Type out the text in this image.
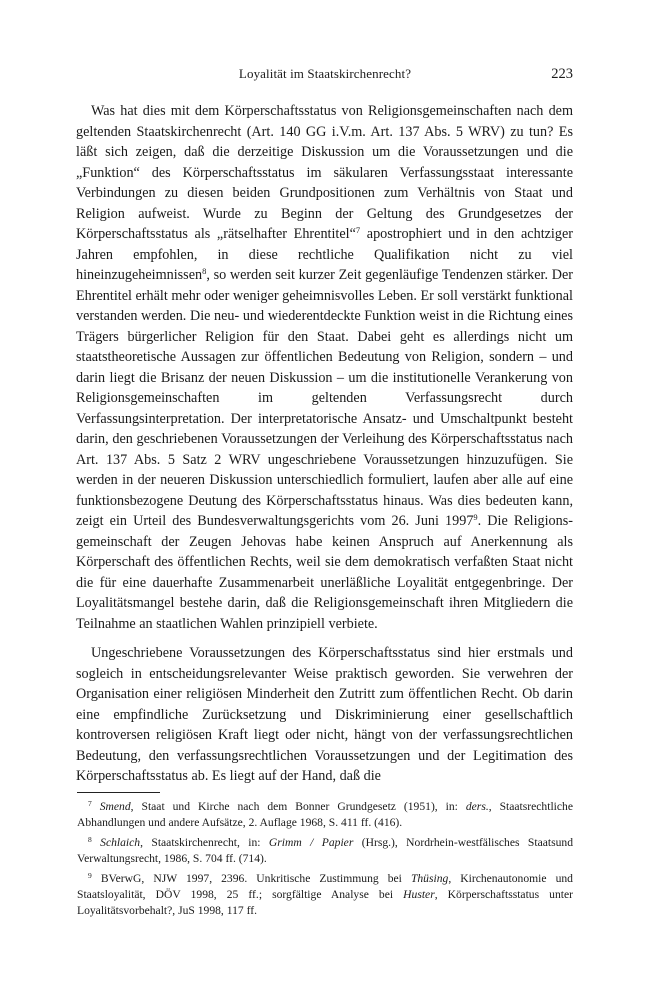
Loyalität im Staatskirchenrecht?	223

Was hat dies mit dem Körperschaftsstatus von Religionsgemeinschaften nach dem geltenden Staatskirchenrecht (Art. 140 GG i.V.m. Art. 137 Abs. 5 WRV) zu tun? Es läßt sich zeigen, daß die derzeitige Diskussion um die Voraussetzungen und die „Funktion“ des Körperschaftsstatus im säkularen Verfassungsstaat interessante Verbindungen zu diesen beiden Grundpositionen zum Verhältnis von Staat und Religion aufweist. Wurde zu Beginn der Geltung des Grundgesetzes der Körperschaftsstatus als „rätselhafter Ehrentitel“$^7$ apostrophiert und in den achtziger Jahren empfohlen, in diese rechtliche Qualifikation nicht zu viel hineinzugeheimnissen$^8$, so werden seit kurzer Zeit gegenläufige Tendenzen stärker. Der Ehrentitel erhält mehr oder weniger geheimnisvolles Leben. Er soll verstärkt funktional verstanden werden. Die neu- und wiederentdeckte Funktion weist in die Richtung eines Trägers bürgerlicher Religion für den Staat. Dabei geht es allerdings nicht um staatstheoretische Aussagen zur öffentlichen Bedeutung von Religion, sondern – und darin liegt die Brisanz der neuen Diskussion – um die institutionelle Verankerung von Religionsgemeinschaften im geltenden Verfassungsrecht durch Verfassungsinterpretation. Der interpretatorische Ansatz- und Umschaltpunkt besteht darin, den geschriebenen Voraussetzungen der Verleihung des Körperschaftsstatus nach Art. 137 Abs. 5 Satz 2 WRV ungeschriebene Voraussetzungen hinzuzufügen. Sie werden in der neueren Diskussion unterschiedlich formuliert, laufen aber alle auf eine funktionsbezogene Deutung des Körperschaftsstatus hinaus. Was dies bedeuten kann, zeigt ein Urteil des Bundesverwaltungsgerichts vom 26. Juni 1997$^9$. Die Religionsgemeinschaft der Zeugen Jehovas habe keinen Anspruch auf Anerkennung als Körperschaft des öffentlichen Rechts, weil sie dem demokratisch verfaßten Staat nicht die für eine dauerhafte Zusammenarbeit unerläßliche Loyalität entgegenbringe. Der Loyalitätsmangel bestehe darin, daß die Religionsgemeinschaft ihren Mitgliedern die Teilnahme an staatlichen Wahlen prinzipiell verbiete.

Ungeschriebene Voraussetzungen des Körperschaftsstatus sind hier erstmals und sogleich in entscheidungsrelevanter Weise praktisch geworden. Sie verwehren der Organisation einer religiösen Minderheit den Zutritt zum öffentlichen Recht. Ob darin eine empfindliche Zurücksetzung und Diskriminierung einer gesellschaftlich kontroversen religiösen Kraft liegt oder nicht, hängt von der verfassungsrechtlichen Bedeutung, den verfassungsrechtlichen Voraussetzungen und der Legitimation des Körperschaftsstatus ab. Es liegt auf der Hand, daß die

$^7$ Smend, Staat und Kirche nach dem Bonner Grundgesetz (1951), in: ders., Staatsrechtliche Abhandlungen und andere Aufsätze, 2. Auflage 1968, S. 411 ff. (416).

$^8$ Schlaich, Staatskirchenrecht, in: Grimm / Papier (Hrsg.), Nordrhein-westfälisches Staatsund Verwaltungsrecht, 1986, S. 704 ff. (714).

$^9$ BVerwG, NJW 1997, 2396. Unkritische Zustimmung bei Thüsing, Kirchenautonomie und Staatsloyalität, DÖV 1998, 25 ff.; sorgfältige Analyse bei Huster, Körperschaftsstatus unter Loyalitätsvorbehalt?, JuS 1998, 117 ff.
